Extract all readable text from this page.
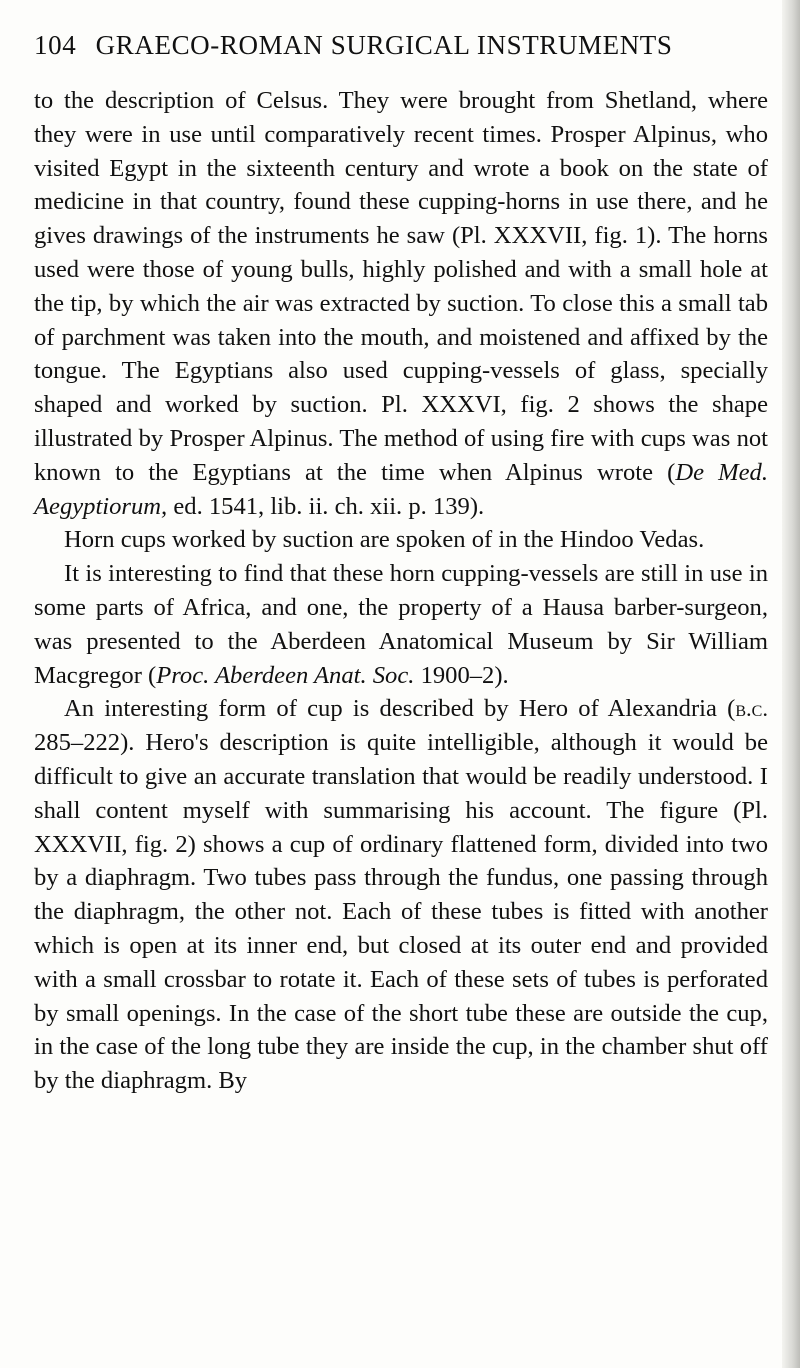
104 GRAECO-ROMAN SURGICAL INSTRUMENTS

to the description of Celsus. They were brought from Shetland, where they were in use until comparatively recent times. Prosper Alpinus, who visited Egypt in the sixteenth century and wrote a book on the state of medicine in that country, found these cupping-horns in use there, and he gives drawings of the instruments he saw (Pl. XXXVII, fig. 1). The horns used were those of young bulls, highly polished and with a small hole at the tip, by which the air was extracted by suction. To close this a small tab of parchment was taken into the mouth, and moistened and affixed by the tongue. The Egyptians also used cupping-vessels of glass, specially shaped and worked by suction. Pl. XXXVI, fig. 2 shows the shape illustrated by Prosper Alpinus. The method of using fire with cups was not known to the Egyptians at the time when Alpinus wrote (De Med. Aegyptiorum, ed. 1541, lib. ii. ch. xii. p. 139).

Horn cups worked by suction are spoken of in the Hindoo Vedas.

It is interesting to find that these horn cupping-vessels are still in use in some parts of Africa, and one, the property of a Hausa barber-surgeon, was presented to the Aberdeen Anatomical Museum by Sir William Macgregor (Proc. Aberdeen Anat. Soc. 1900–2).

An interesting form of cup is described by Hero of Alexandria (b.c. 285–222). Hero's description is quite intelligible, although it would be difficult to give an accurate translation that would be readily understood. I shall content myself with summarising his account. The figure (Pl. XXXVII, fig. 2) shows a cup of ordinary flattened form, divided into two by a diaphragm. Two tubes pass through the fundus, one passing through the diaphragm, the other not. Each of these tubes is fitted with another which is open at its inner end, but closed at its outer end and provided with a small crossbar to rotate it. Each of these sets of tubes is perforated by small openings. In the case of the short tube these are outside the cup, in the case of the long tube they are inside the cup, in the chamber shut off by the diaphragm. By
